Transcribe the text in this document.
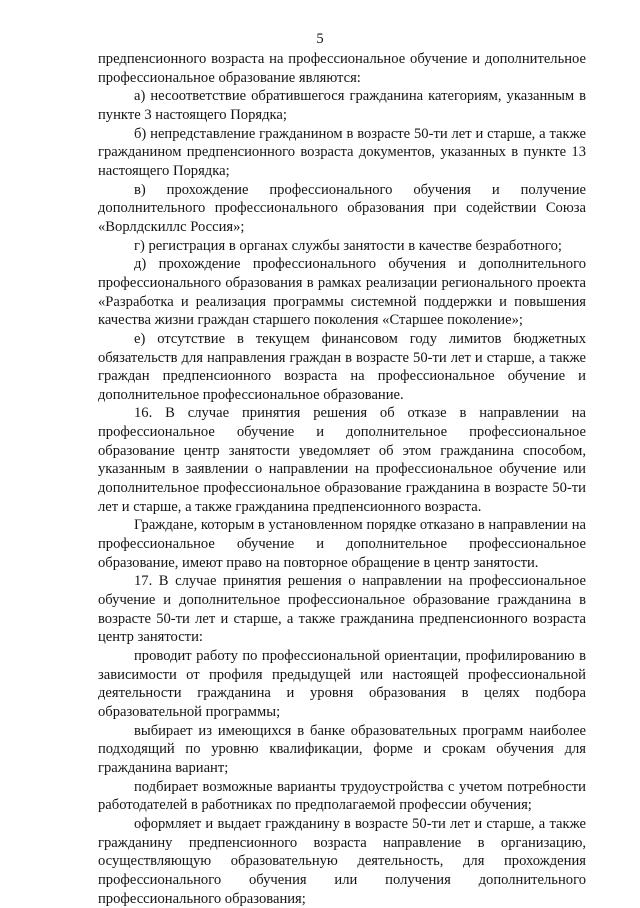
5

предпенсионного возраста на профессиональное обучение и дополнительное профессиональное образование являются:

а) несоответствие обратившегося гражданина категориям, указанным в пункте 3 настоящего Порядка;

б) непредставление гражданином в возрасте 50-ти лет и старше, а также гражданином предпенсионного возраста документов, указанных в пункте 13 настоящего Порядка;

в) прохождение профессионального обучения и получение дополнительного профессионального образования при содействии Союза «Ворлдскиллс Россия»;

г) регистрация в органах службы занятости в качестве безработного;

д) прохождение профессионального обучения и дополнительного профессионального образования в рамках реализации регионального проекта «Разработка и реализация программы системной поддержки и повышения качества жизни граждан старшего поколения «Старшее поколение»;

е) отсутствие в текущем финансовом году лимитов бюджетных обязательств для направления граждан в возрасте 50-ти лет и старше, а также граждан предпенсионного возраста на профессиональное обучение и дополнительное профессиональное образование.

16. В случае принятия решения об отказе в направлении на профессиональное обучение и дополнительное профессиональное образование центр занятости уведомляет об этом гражданина способом, указанным в заявлении о направлении на профессиональное обучение или дополнительное профессиональное образование гражданина в возрасте 50-ти лет и старше, а также гражданина предпенсионного возраста.

Граждане, которым в установленном порядке отказано в направлении на профессиональное обучение и дополнительное профессиональное образование, имеют право на повторное обращение в центр занятости.

17. В случае принятия решения о направлении на профессиональное обучение и дополнительное профессиональное образование гражданина в возрасте 50-ти лет и старше, а также гражданина предпенсионного возраста центр занятости:

проводит работу по профессиональной ориентации, профилированию в зависимости от профиля предыдущей или настоящей профессиональной деятельности гражданина и уровня образования в целях подбора образовательной программы;

выбирает из имеющихся в банке образовательных программ наиболее подходящий по уровню квалификации, форме и срокам обучения для гражданина вариант;

подбирает возможные варианты трудоустройства с учетом потребности работодателей в работниках по предполагаемой профессии обучения;

оформляет и выдает гражданину в возрасте 50-ти лет и старше, а также гражданину предпенсионного возраста направление в организацию, осуществляющую образовательную деятельность, для прохождения профессионального обучения или получения дополнительного профессионального образования;
